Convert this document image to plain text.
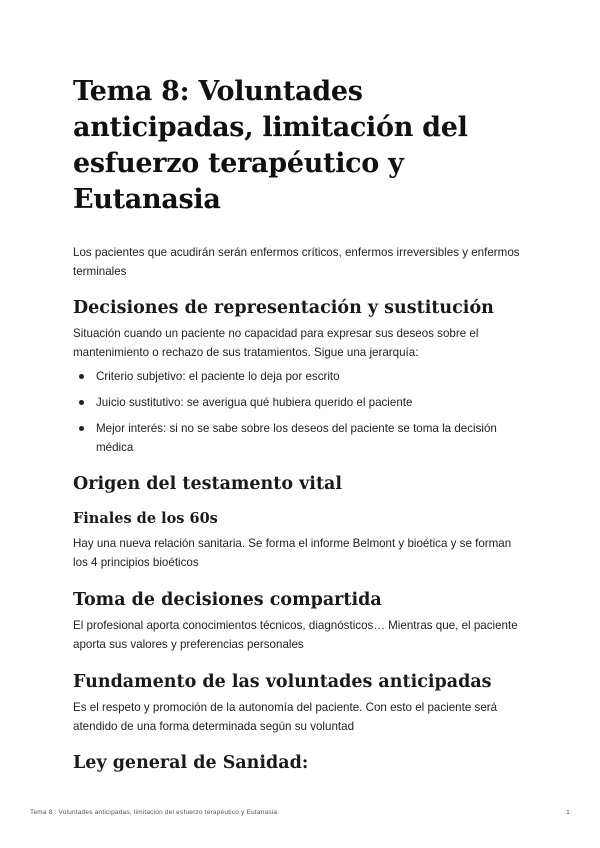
Tema 8: Voluntades anticipadas, limitación del esfuerzo terapéutico y Eutanasia

Los pacientes que acudirán serán enfermos críticos, enfermos irreversibles y enfermos terminales

Decisiones de representación y sustitución

Situación cuando un paciente no capacidad para expresar sus deseos sobre el mantenimiento o rechazo de sus tratamientos. Sigue una jerarquía:

Criterio subjetivo: el paciente lo deja por escrito
Juicio sustitutivo: se averigua qué hubiera querido el paciente
Mejor interés: si no se sabe sobre los deseos del paciente se toma la decisión médica
Origen del testamento vital
Finales de los 60s

Hay una nueva relación sanitaria. Se forma el informe Belmont y bioética y se forman los 4 principios bioéticos

Toma de decisiones compartida

El profesional aporta conocimientos técnicos, diagnósticos… Mientras que, el paciente aporta sus valores y preferencias personales

Fundamento de las voluntades anticipadas

Es el respeto y promoción de la autonomía del paciente. Con esto el paciente será atendido de una forma determinada según su voluntad

Ley general de Sanidad:
Tema 8 : Voluntades anticipadas, limitación del esfuerzo terapéutico y Eutanasia.	1
